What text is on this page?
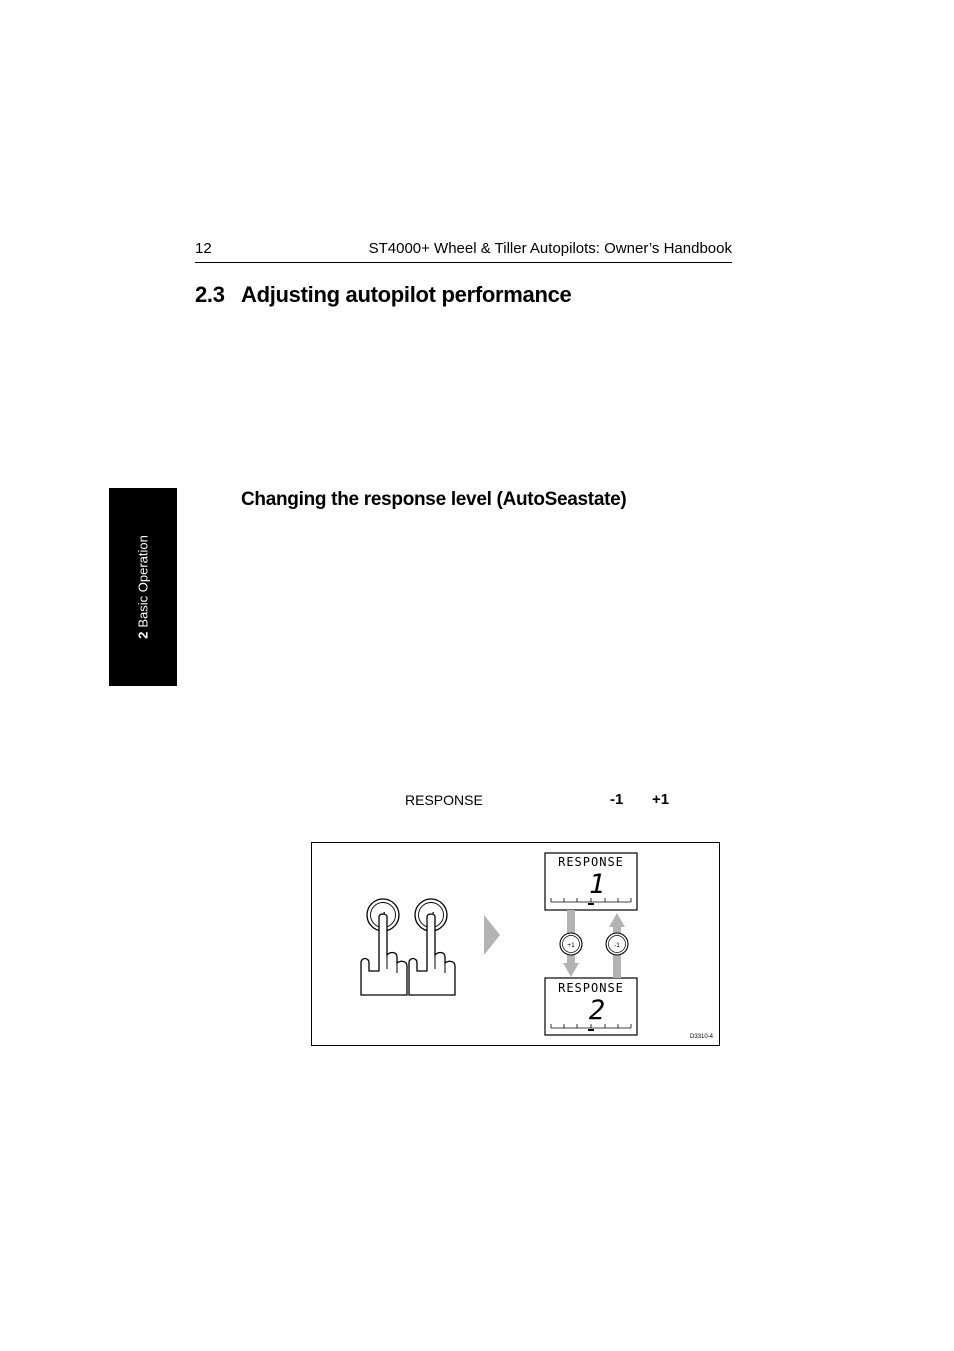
12	ST4000+ Wheel & Tiller Autopilots: Owner’s Handbook
2.3 Adjusting autopilot performance
2Basic Operation
Changing the response level (AutoSeastate)
RESPONSE	-1 +1
RESPONSE
1
RESPONSE
2
+1	-1
D3310-4
